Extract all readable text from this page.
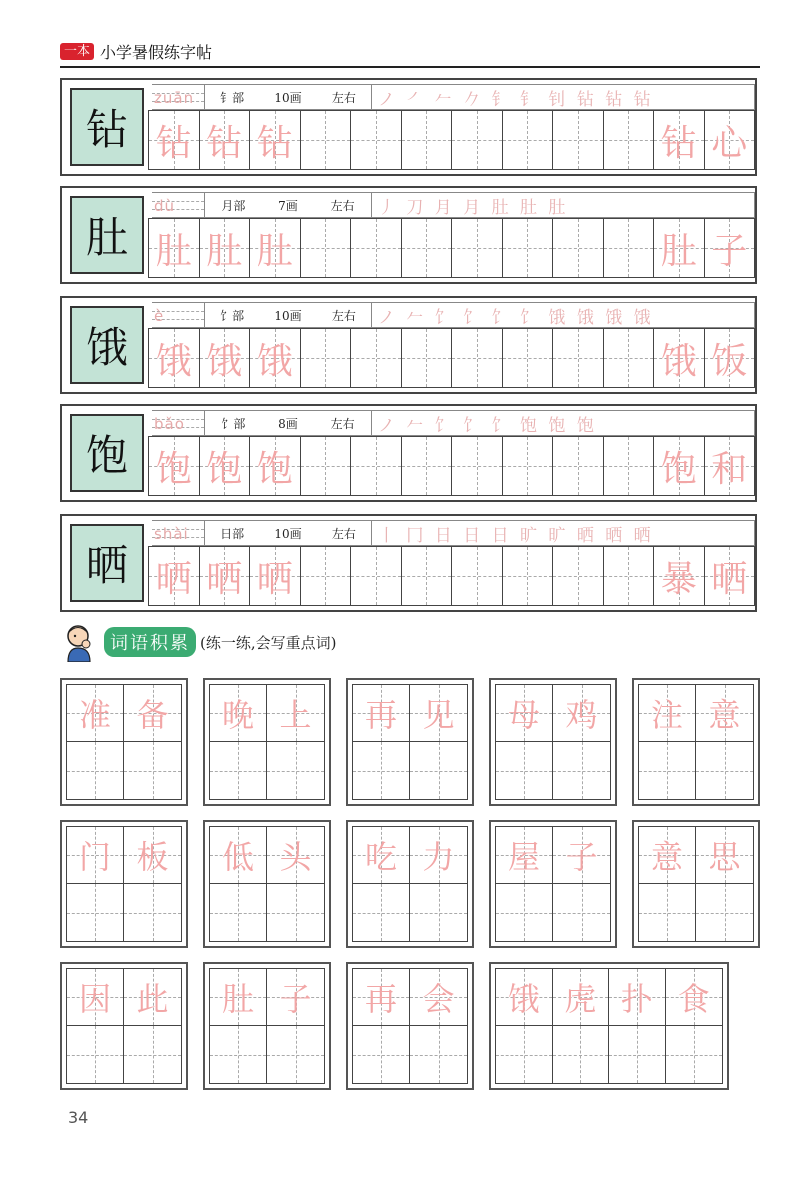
一本 小学暑假练字帖
钻
zuān 钅部	10画	左右	ノ ㇒ 𠂉 𠂊 钅 钅 钊 钻 钻 钻
钻 钻 钻	钻 心
肚
dù	月部	7画	左右	丿 刀 月 月 肚 肚 肚
肚 肚 肚	肚 子
饿
è	饣部	10画	左右	ノ 𠂉 饣 饣 饣 饣 饿 饿 饿 饿
饿 饿 饿	饿 饭
饱
bǎo	饣部	8画	左右	ノ 𠂉 饣 饣 饣 饱 饱 饱
饱 饱 饱	饱 和
晒
shài	日部	10画	左右	丨 冂 日 日 日 旷 旷 晒 晒 晒
晒 晒 晒	暴 晒
词语积累 (练一练,会写重点词)
准 备 晚 上 再 见 母 鸡 注 意
门 板 低 头 吃 力 屋 子 意 思
因 此 肚 子 再 会 饿 虎 扑 食
34
